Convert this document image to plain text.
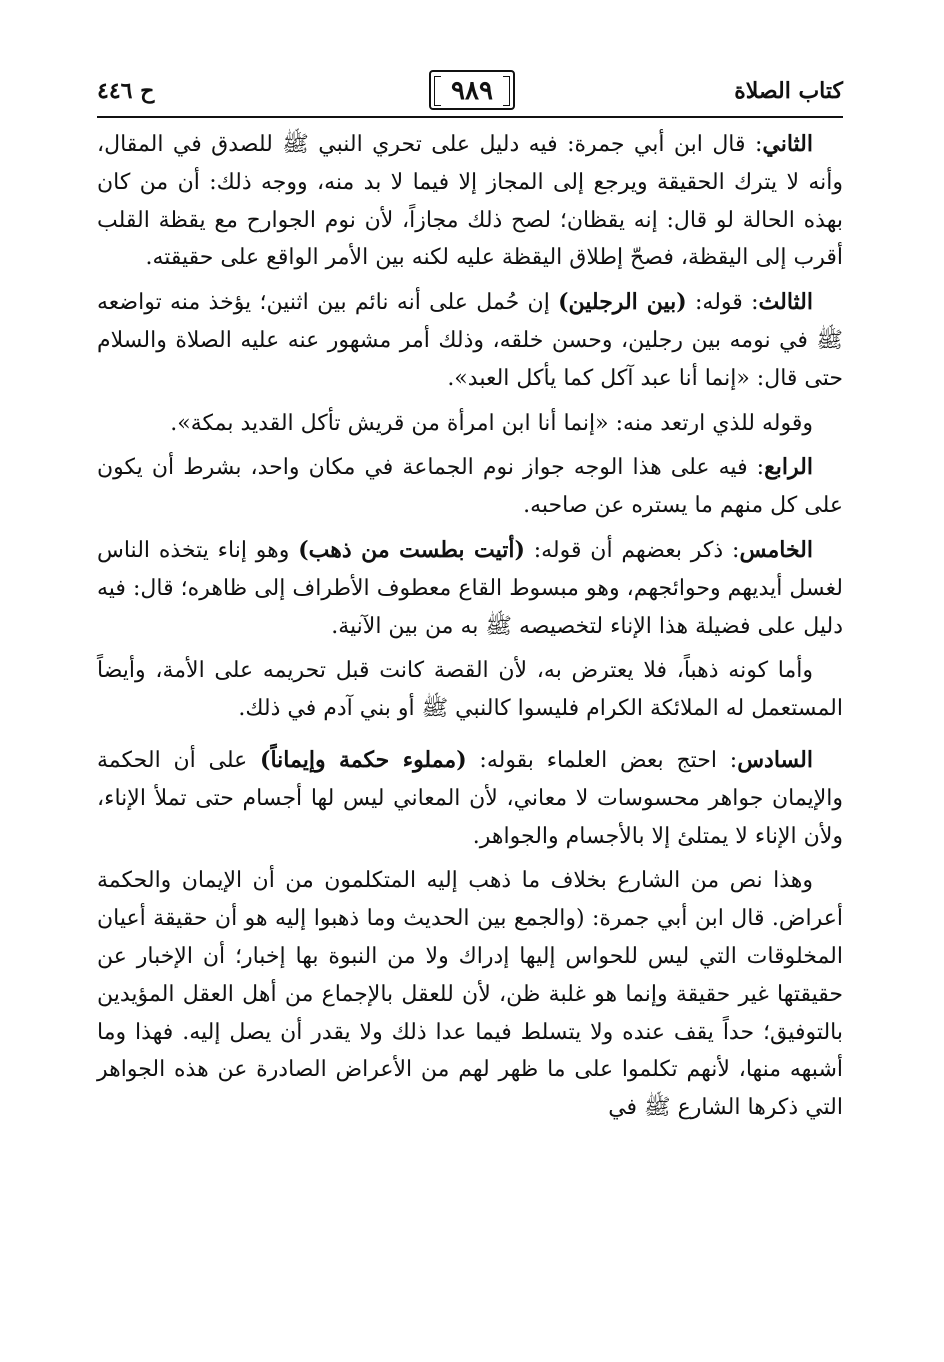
ح ٤٤٦	٩٨٩	كتاب الصلاة

الثاني: قال ابن أبي جمرة: فيه دليل على تحري النبي ﷺ للصدق في المقال، وأنه لا يترك الحقيقة ويرجع إلى المجاز إلا فيما لا بد منه، ووجه ذلك: أن من كان بهذه الحالة لو قال: إنه يقظان؛ لصح ذلك مجازاً، لأن نوم الجوارح مع يقظة القلب أقرب إلى اليقظة، فصحّ إطلاق اليقظة عليه لكنه بين الأمر الواقع على حقيقته.

الثالث: قوله: (بين الرجلين) إن حُمل على أنه نائم بين اثنين؛ يؤخذ منه تواضعه ﷺ في نومه بين رجلين، وحسن خلقه، وذلك أمر مشهور عنه عليه الصلاة والسلام حتى قال: «إنما أنا عبد آكل كما يأكل العبد».

وقوله للذي ارتعد منه: «إنما أنا ابن امرأة من قريش تأكل القديد بمكة».

الرابع: فيه على هذا الوجه جواز نوم الجماعة في مكان واحد، بشرط أن يكون على كل منهم ما يستره عن صاحبه.

الخامس: ذكر بعضهم أن قوله: (أتيت بطست من ذهب) وهو إناء يتخذه الناس لغسل أيديهم وحوائجهم، وهو مبسوط القاع معطوف الأطراف إلى ظاهره؛ قال: فيه دليل على فضيلة هذا الإناء لتخصيصه ﷺ به من بين الآنية.

وأما كونه ذهباً، فلا يعترض به، لأن القصة كانت قبل تحريمه على الأمة، وأيضاً المستعمل له الملائكة الكرام فليسوا كالنبي ﷺ أو بني آدم في ذلك.

السادس: احتج بعض العلماء بقوله: (مملوء حكمة وإيماناً) على أن الحكمة والإيمان جواهر محسوسات لا معاني، لأن المعاني ليس لها أجسام حتى تملأ الإناء، ولأن الإناء لا يمتلئ إلا بالأجسام والجواهر.

وهذا نص من الشارع بخلاف ما ذهب إليه المتكلمون من أن الإيمان والحكمة أعراض. قال ابن أبي جمرة: (والجمع بين الحديث وما ذهبوا إليه هو أن حقيقة أعيان المخلوقات التي ليس للحواس إليها إدراك ولا من النبوة بها إخبار؛ أن الإخبار عن حقيقتها غير حقيقة وإنما هو غلبة ظن، لأن للعقل بالإجماع من أهل العقل المؤيدين بالتوفيق؛ حداً يقف عنده ولا يتسلط فيما عدا ذلك ولا يقدر أن يصل إليه. فهذا وما أشبهه منها، لأنهم تكلموا على ما ظهر لهم من الأعراض الصادرة عن هذه الجواهر التي ذكرها الشارع ﷺ في
